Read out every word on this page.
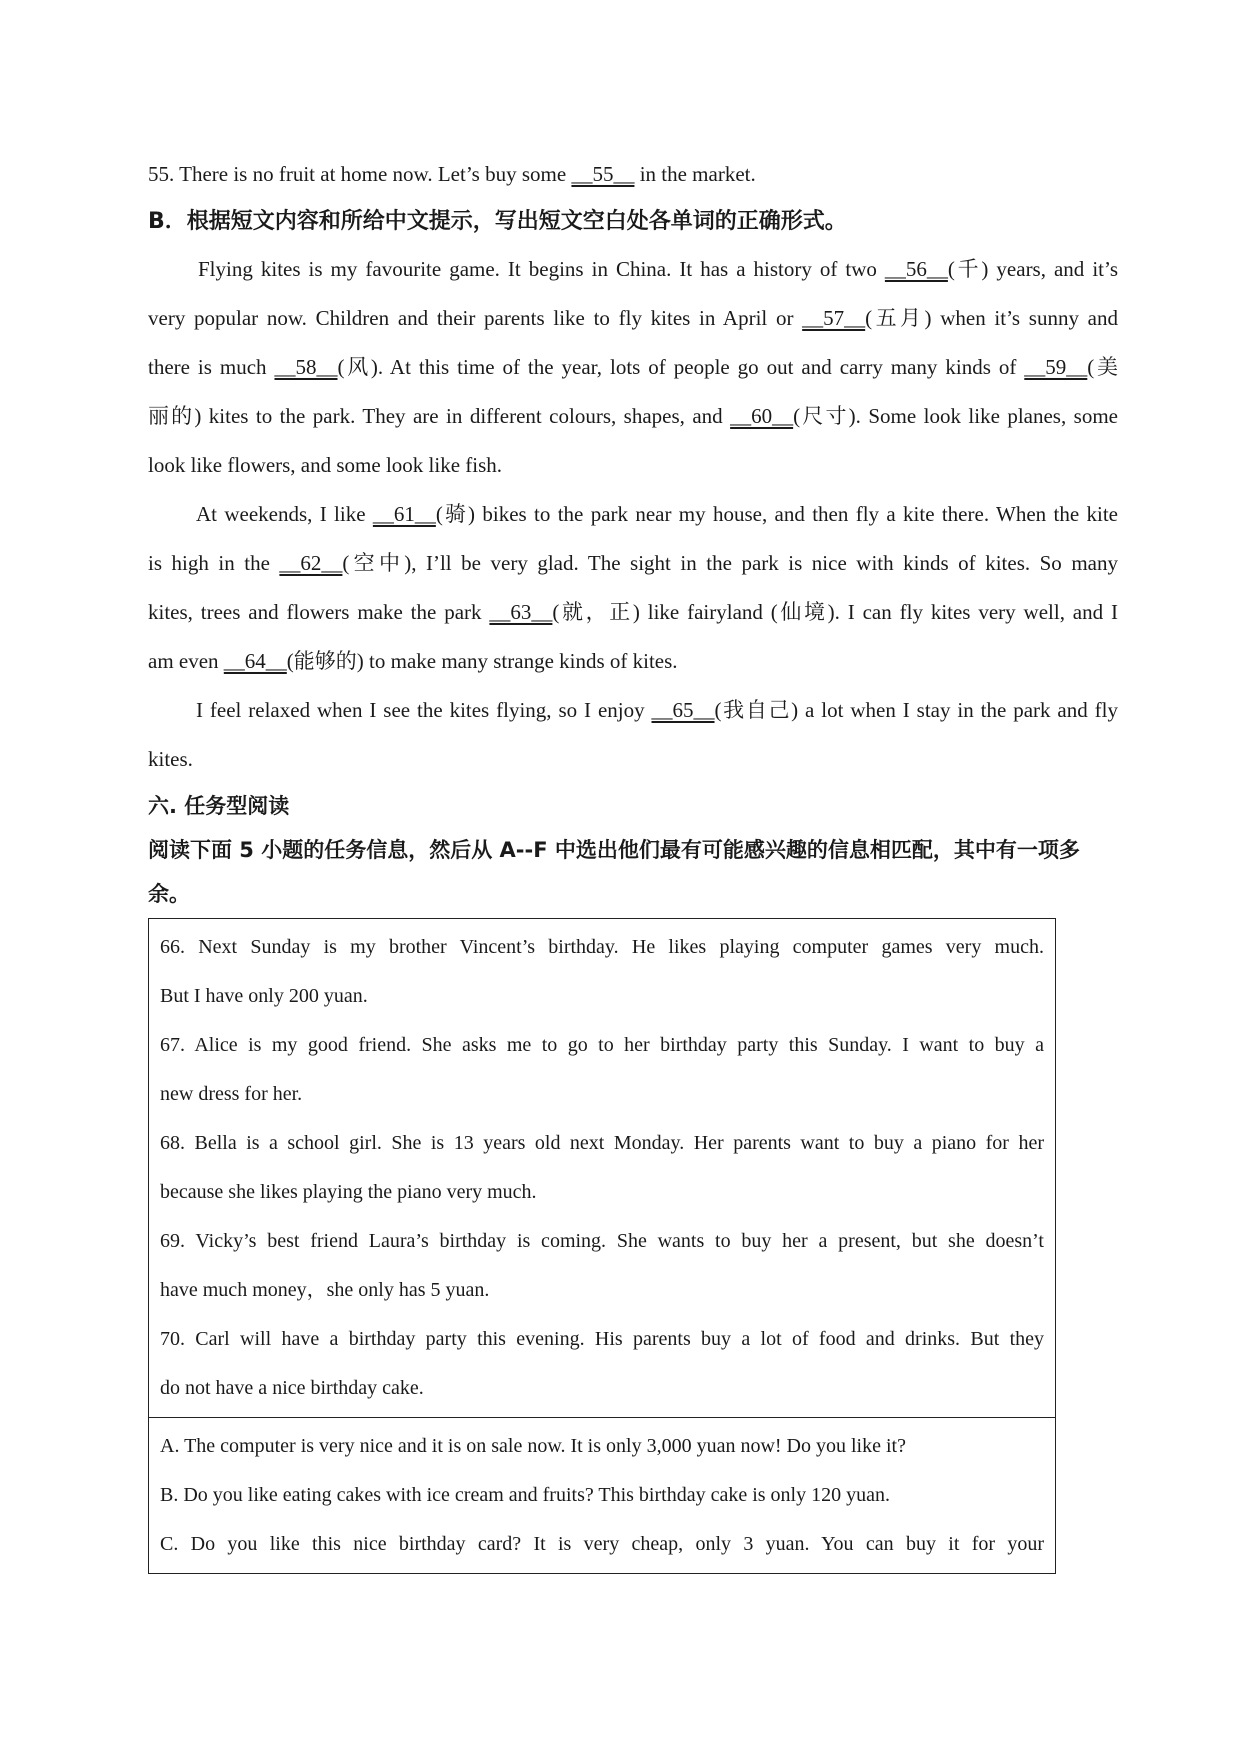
55. There is no fruit at home now. Let’s buy some __55__ in the market.
B．根据短文内容和所给中文提示，写出短文空白处各单词的正确形式。
Flying kites is my favourite game. It begins in China. It has a history of two __56__(千) years, and it’s
very popular now. Children and their parents like to fly kites in April or __57__(五月) when it’s sunny and
there is much __58__(风). At this time of the year, lots of people go out and carry many kinds of __59__(美
丽的) kites to the park. They are in different colours, shapes, and __60__(尺寸). Some look like planes, some
look like flowers, and some look like fish.
At weekends, I like __61__(骑) bikes to the park near my house, and then fly a kite there. When the kite
is high in the __62__(空中), I’ll be very glad. The sight in the park is nice with kinds of kites. So many
kites, trees and flowers make the park __63__(就，正) like fairyland (仙境). I can fly kites very well, and I
am even __64__(能够的) to make many strange kinds of kites.
I feel relaxed when I see the kites flying, so I enjoy __65__(我自己) a lot when I stay in the park and fly
kites.
六. 任务型阅读
阅读下面 5 小题的任务信息，然后从 A--F 中选出他们最有可能感兴趣的信息相匹配，其中有一项多
余。
66. Next Sunday is my brother Vincent’s birthday. He likes playing computer games very much.
But I have only 200 yuan.
67. Alice is my good friend. She asks me to go to her birthday party this Sunday. I want to buy a
new dress for her.
68. Bella is a school girl. She is 13 years old next Monday. Her parents want to buy a piano for her
because she likes playing the piano very much.
69. Vicky’s best friend Laura’s birthday is coming. She wants to buy her a present, but she doesn’t
have much money，she only has 5 yuan.
70. Carl will have a birthday party this evening. His parents buy a lot of food and drinks. But they
do not have a nice birthday cake.
A. The computer is very nice and it is on sale now. It is only 3,000 yuan now! Do you like it?
B. Do you like eating cakes with ice cream and fruits? This birthday cake is only 120 yuan.
C. Do you like this nice birthday card? It is very cheap, only 3 yuan. You can buy it for your
